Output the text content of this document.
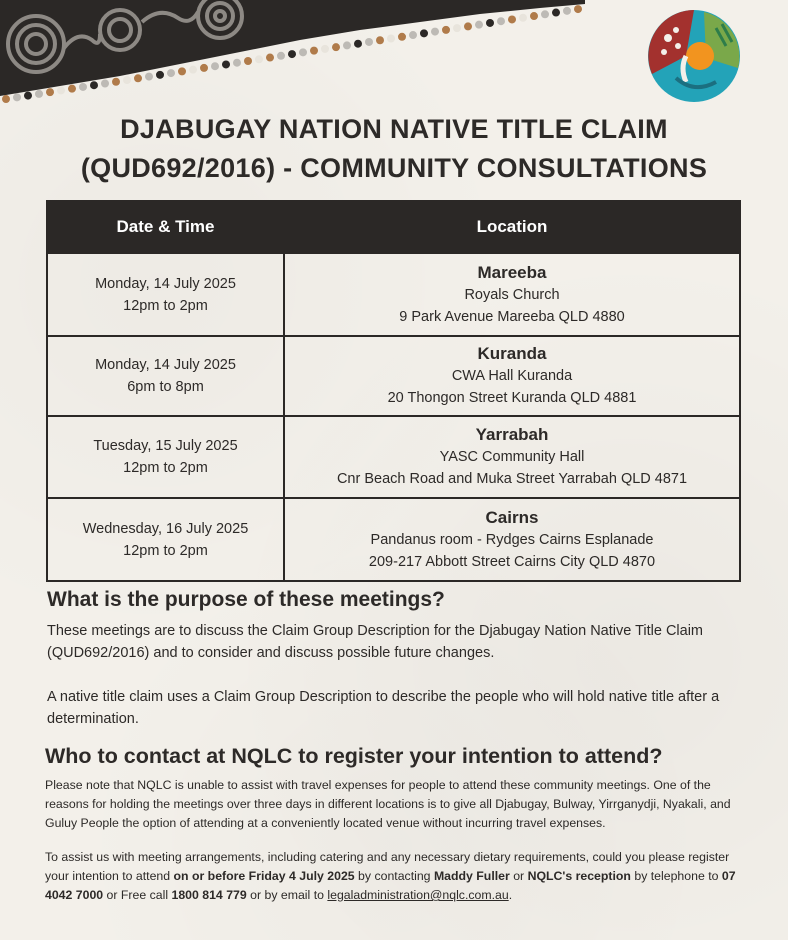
DJABUGAY NATION NATIVE TITLE CLAIM
(QUD692/2016) - COMMUNITY CONSULTATIONS
Date & Time	Location

Monday, 14 July 2025
12pm to 2pm	Mareeba
Royals Church
9 Park Avenue Mareeba QLD 4880

Monday, 14 July 2025
6pm to 8pm	Kuranda
CWA Hall Kuranda
20 Thongon Street Kuranda QLD 4881

Tuesday, 15 July 2025
12pm to 2pm	Yarrabah
YASC Community Hall
Cnr Beach Road and Muka Street Yarrabah QLD 4871

Wednesday, 16 July 2025
12pm to 2pm	Cairns
Pandanus room - Rydges Cairns Esplanade
209-217 Abbott Street Cairns City QLD 4870
What is the purpose of these meetings?

These meetings are to discuss the Claim Group Description for the Djabugay Nation Native Title Claim (QUD692/2016) and to consider and discuss possible future changes.

A native title claim uses a Claim Group Description to describe the people who will hold native title after a determination.

Who to contact at NQLC to register your intention to attend?

Please note that NQLC is unable to assist with travel expenses for people to attend these community meetings. One of the reasons for holding the meetings over three days in different locations is to give all Djabugay, Bulway, Yirrganydji, Nyakali, and Guluy People the option of attending at a conveniently located venue without incurring travel expenses.

To assist us with meeting arrangements, including catering and any necessary dietary requirements, could you please register your intention to attend on or before Friday 4 July 2025 by contacting Maddy Fuller or NQLC's reception by telephone to 07 4042 7000 or Free call 1800 814 779 or by email to legaladministration@nqlc.com.au.
